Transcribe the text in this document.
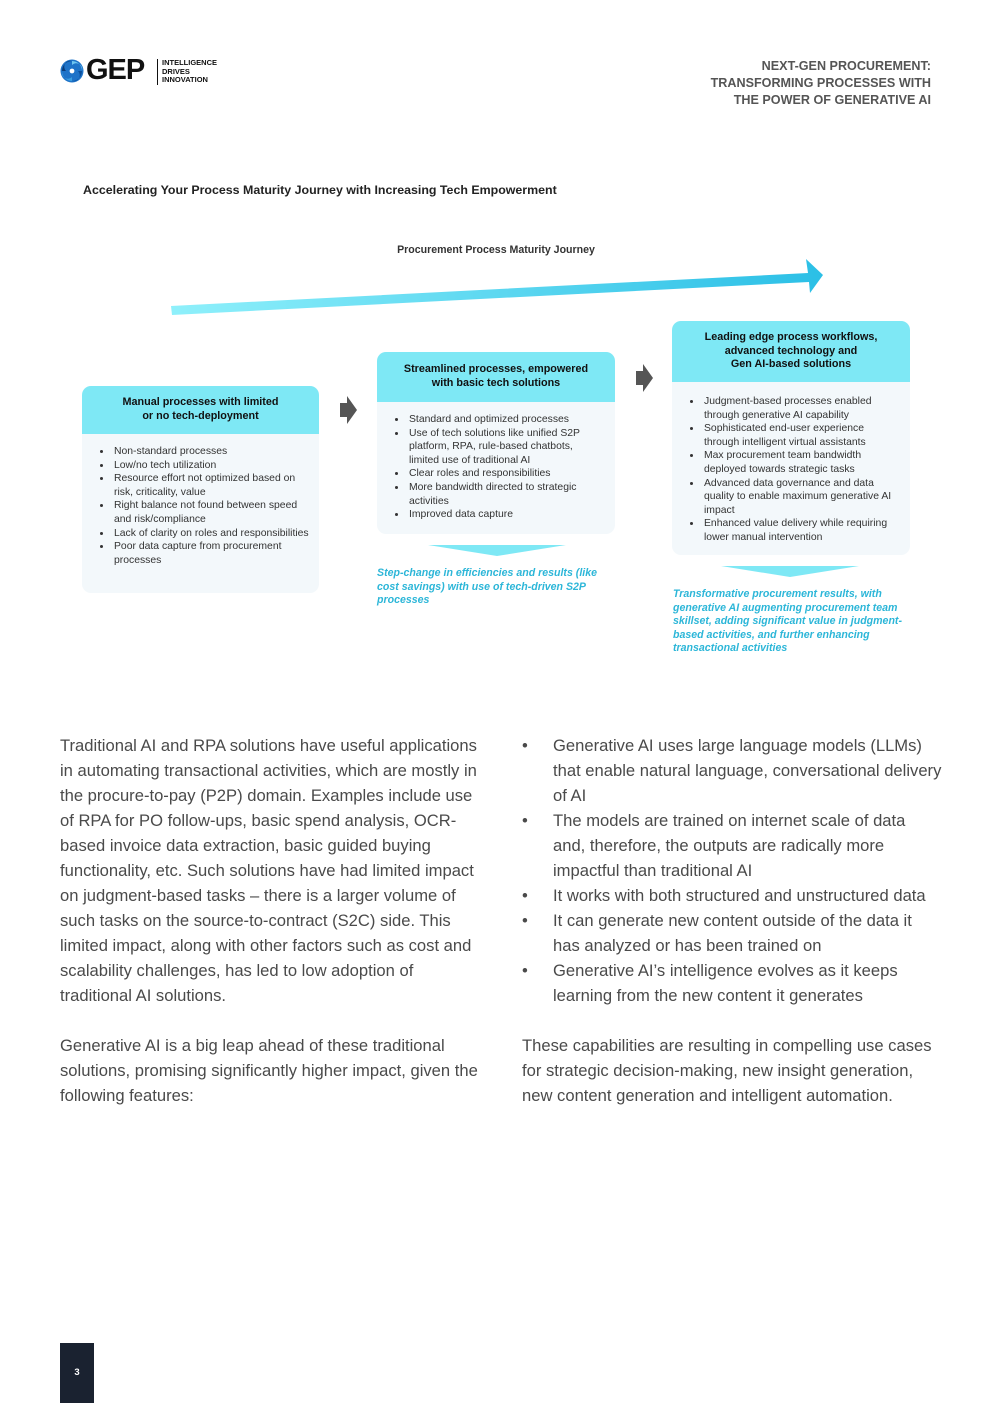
GEP INTELLIGENCE
DRIVES
INNOVATION
NEXT-GEN PROCUREMENT:
TRANSFORMING PROCESSES WITH
THE POWER OF GENERATIVE AI
Accelerating Your Process Maturity Journey with Increasing Tech Empowerment
Procurement Process Maturity Journey
Manual processes with limited
or no tech-deployment
• Non-standard processes
• Low/no tech utilization
• Resource effort not optimized based on risk, criticality, value
• Right balance not found between speed and risk/compliance
• Lack of clarity on roles and responsibilities
• Poor data capture from procurement processes
Streamlined processes, empowered
with basic tech solutions
• Standard and optimized processes
• Use of tech solutions like unified S2P platform, RPA, rule-based chatbots, limited use of traditional AI
• Clear roles and responsibilities
• More bandwidth directed to strategic activities
• Improved data capture
Step-change in efficiencies and results (like cost savings) with use of tech-driven S2P processes
Leading edge process workflows,
advanced technology and
Gen AI-based solutions
• Judgment-based processes enabled through generative AI capability
• Sophisticated end-user experience through intelligent virtual assistants
• Max procurement team bandwidth deployed towards strategic tasks
• Advanced data governance and data quality to enable maximum generative AI impact
• Enhanced value delivery while requiring lower manual intervention
Transformative procurement results, with generative AI augmenting procurement team skillset, adding significant value in judgment-based activities, and further enhancing transactional activities

Traditional AI and RPA solutions have useful applications in automating transactional activities, which are mostly in the procure-to-pay (P2P) domain. Examples include use of RPA for PO follow-ups, basic spend analysis, OCR-based invoice data extraction, basic guided buying functionality, etc. Such solutions have had limited impact on judgment-based tasks – there is a larger volume of such tasks on the source-to-contract (S2C) side. This limited impact, along with other factors such as cost and scalability challenges, has led to low adoption of traditional AI solutions.

Generative AI is a big leap ahead of these traditional solutions, promising significantly higher impact, given the following features:

• Generative AI uses large language models (LLMs) that enable natural language, conversational delivery of AI
• The models are trained on internet scale of data and, therefore, the outputs are radically more impactful than traditional AI
• It works with both structured and unstructured data
• It can generate new content outside of the data it has analyzed or has been trained on
• Generative AI’s intelligence evolves as it keeps learning from the new content it generates

These capabilities are resulting in compelling use cases for strategic decision-making, new insight generation, new content generation and intelligent automation.

3
